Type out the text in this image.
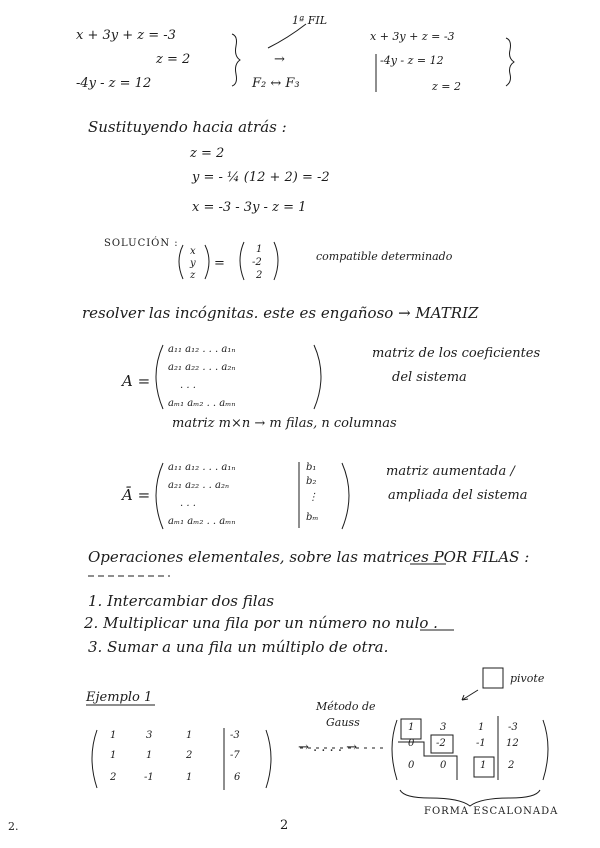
x + 3y + z = -3
z = 2
-4y - z = 12
1ª FIL
→
F₂ ↔ F₃
x + 3y + z = -3
-4y - z = 12
z = 2
Sustituyendo hacia atrás :
z = 2
y = - ¼ (12 + 2) = -2
x = -3 - 3y - z = 1
SOLUCIÓN :
x
y
z
=
1
-2
2
compatible determinado
resolver las incógnitas. este es engañoso → MATRIZ
A =
a₁₁ a₁₂ . . . a₁ₙ
a₂₁ a₂₂ . . . a₂ₙ
. . .
aₘ₁ aₘ₂ . . aₘₙ
matriz de los coeficientes
del sistema
matriz m×n → m filas, n columnas
Ā =
a₁₁ a₁₂ . . . a₁ₙ
a₂₁ a₂₂ . . a₂ₙ
. . .
aₘ₁ aₘ₂ . . aₘₙ
b₁
b₂
⋮
bₘ
matriz aumentada /
ampliada del sistema
Operaciones elementales, sobre las matrices POR FILAS :
1. Intercambiar dos filas
2. Multiplicar una fila por un número no nulo .
3. Sumar a una fila un múltiplo de otra.
Ejemplo 1
pivote
Método de
Gauss
→ . . . . →
1	3	1	-3
1	1	2	-7
2	-1	1	6
1	3	1 -3
0 -2	-1 12
0	0	1 2
FORMA ESCALONADA
2
2.
